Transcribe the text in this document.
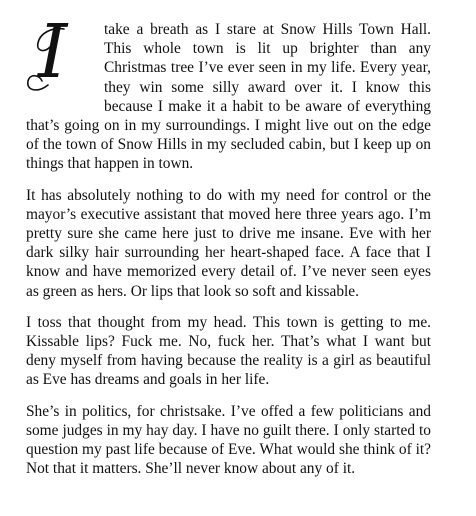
I take a breath as I stare at Snow Hills Town Hall. This whole town is lit up brighter than any Christmas tree I’ve ever seen in my life. Every year, they win some silly award over it. I know this because I make it a habit to be aware of everything that’s going on in my surroundings. I might live out on the edge of the town of Snow Hills in my secluded cabin, but I keep up on things that happen in town.

It has absolutely nothing to do with my need for control or the mayor’s executive assistant that moved here three years ago. I’m pretty sure she came here just to drive me insane. Eve with her dark silky hair surrounding her heart-shaped face. A face that I know and have memorized every detail of. I’ve never seen eyes as green as hers. Or lips that look so soft and kissable.

I toss that thought from my head. This town is getting to me. Kissable lips? Fuck me. No, fuck her. That’s what I want but deny myself from having because the reality is a girl as beautiful as Eve has dreams and goals in her life.

She’s in politics, for christsake. I’ve offed a few politicians and some judges in my hay day. I have no guilt there. I only started to question my past life because of Eve. What would she think of it? Not that it matters. She’ll never know about any of it.
